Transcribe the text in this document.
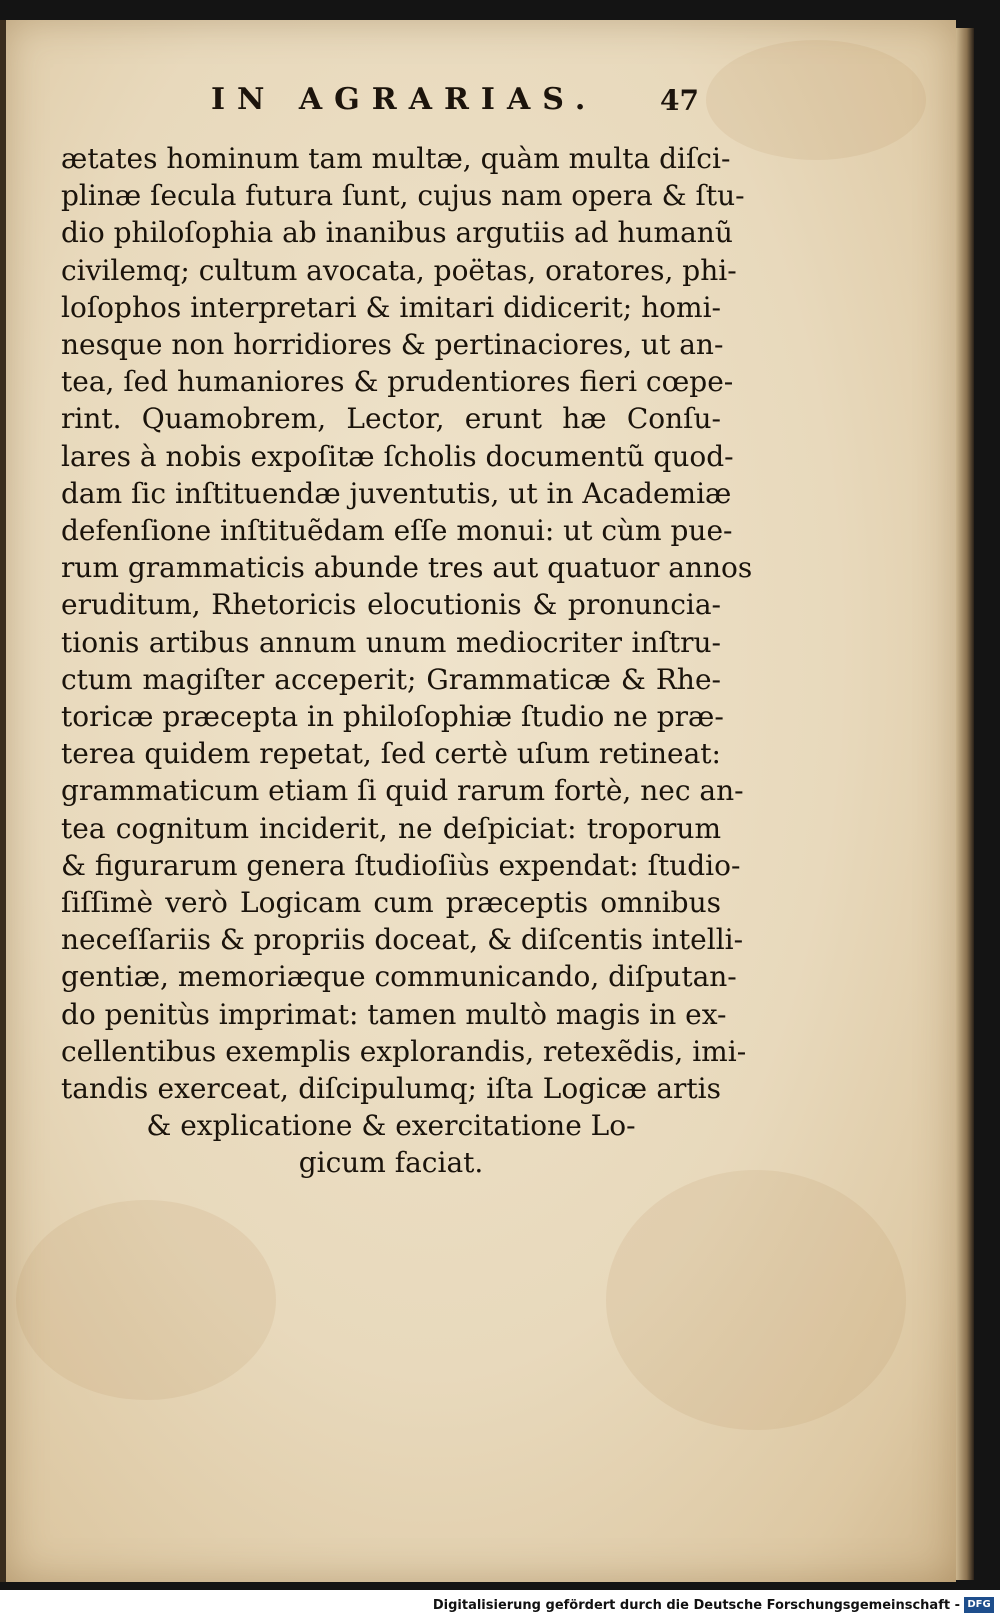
IN AGRARIAS. 47
ætates hominum tam multæ, quàm multa diſci-
plinæ ſecula futura ſunt, cujus nam opera & ſtu-
dio philoſophia ab inanibus argutiis ad humanũ
civilemq; cultum avocata, poëtas, oratores, phi-
loſophos interpretari & imitari didicerit; homi-
nesque non horridiores & pertinaciores, ut an-
tea, ſed humaniores & prudentiores fieri cœpe-
rint. Quamobrem, Lector, erunt hæ Conſu-
lares à nobis expoſitæ ſcholis documentũ quod-
dam ſic inſtituendæ juventutis, ut in Academiæ
defenſione inſtituẽdam eſſe monui: ut cùm pue-
rum grammaticis abunde tres aut quatuor annos
eruditum, Rhetoricis elocutionis & pronuncia-
tionis artibus annum unum mediocriter inſtru-
ctum magiſter acceperit; Grammaticæ & Rhe-
toricæ præcepta in philoſophiæ ſtudio ne præ-
terea quidem repetat, ſed certè uſum retineat:
grammaticum etiam ſi quid rarum fortè, nec an-
tea cognitum inciderit, ne deſpiciat: troporum
& figurarum genera ſtudioſiùs expendat: ſtudio-
ſiſſimè verò Logicam cum præceptis omnibus
neceſſariis & propriis doceat, & diſcentis intelli-
gentiæ, memoriæque communicando, diſputan-
do penitùs imprimat: tamen multò magis in ex-
cellentibus exemplis explorandis, retexẽdis, imi-
tandis exerceat, diſcipulumq; iſta Logicæ artis
& explicatione & exercitatione Lo-
gicum faciat.
Digitalisierung gefördert durch die Deutsche Forschungsgemeinschaft - DFG
